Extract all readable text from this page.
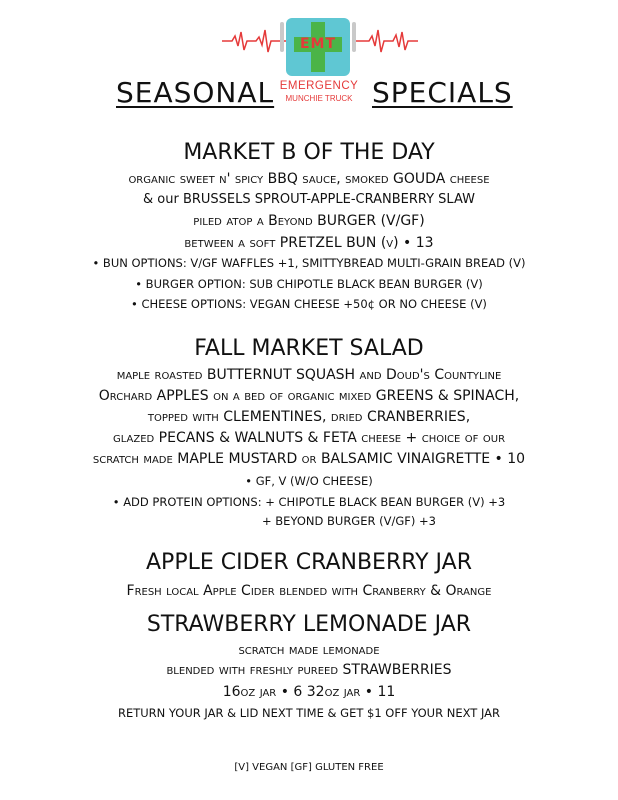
EMT
EMERGENCY
MUNCHIE TRUCK
SEASONAL	SPECIALS
MARKET B OF THE DAY
organic sweet n' spicy BBQ sauce, smoked GOUDA cheese
& our BRUSSELS SPROUT-APPLE-CRANBERRY SLAW
piled atop a Beyond BURGER (V/GF)
between a soft PRETZEL BUN (v) • 13
• BUN OPTIONS: V/GF WAFFLES +1, SMITTYBREAD MULTI-GRAIN BREAD (V)
• BURGER OPTION: SUB CHIPOTLE BLACK BEAN BURGER (V)
• CHEESE OPTIONS: VEGAN CHEESE +50¢ OR NO CHEESE (V)
FALL MARKET SALAD
maple roasted BUTTERNUT SQUASH and Doud's Countyline
Orchard APPLES on a bed of organic mixed GREENS & SPINACH,
topped with CLEMENTINES, dried CRANBERRIES,
glazed PECANS & WALNUTS & FETA cheese + choice of our
scratch made MAPLE MUSTARD or BALSAMIC VINAIGRETTE • 10
• GF, V (W/O CHEESE)
• ADD PROTEIN OPTIONS: + CHIPOTLE BLACK BEAN BURGER (V) +3
+ BEYOND BURGER (V/GF) +3
APPLE CIDER CRANBERRY JAR
Fresh local Apple Cider blended with Cranberry & Orange
STRAWBERRY LEMONADE JAR
scratch made lemonade
blended with freshly pureed STRAWBERRIES
16oz jar • 6 32oz jar • 11
RETURN YOUR JAR & LID NEXT TIME & GET $1 OFF YOUR NEXT JAR
[V] VEGAN [GF] GLUTEN FREE
